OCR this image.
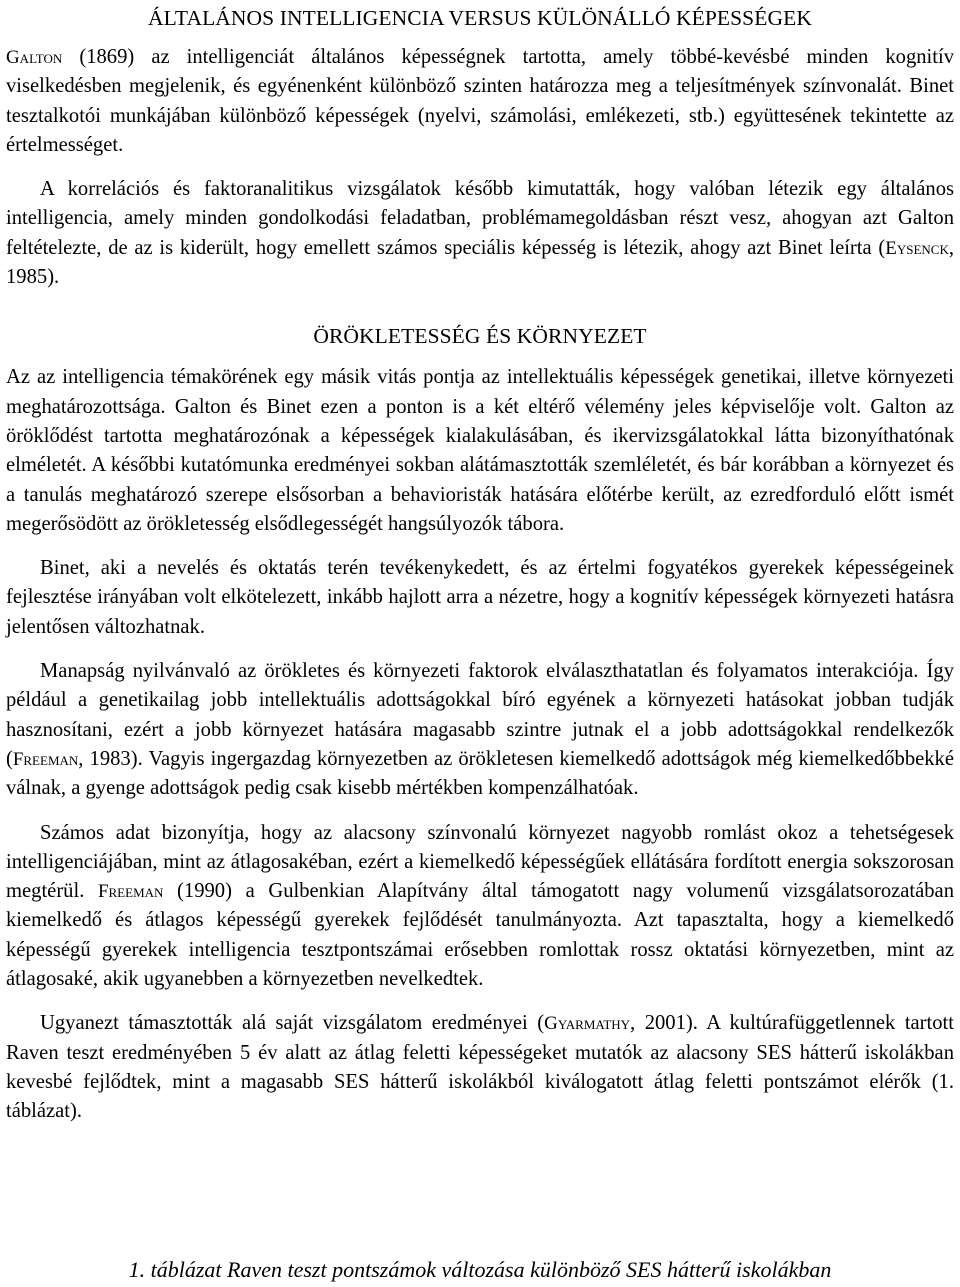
ÁLTALÁNOS INTELLIGENCIA VERSUS KÜLÖNÁLLÓ KÉPESSÉGEK

Galton (1869) az intelligenciát általános képességnek tartotta, amely többé-kevésbé minden kognitív viselkedésben megjelenik, és egyénenként különböző szinten határozza meg a teljesítmények színvonalát. Binet tesztalkotói munkájában különböző képességek (nyelvi, számolási, emlékezeti, stb.) együttesének tekintette az értelmességet.

A korrelációs és faktoranalitikus vizsgálatok később kimutatták, hogy valóban létezik egy általános intelligencia, amely minden gondolkodási feladatban, problémamegoldásban részt vesz, ahogyan azt Galton feltételezte, de az is kiderült, hogy emellett számos speciális képesség is létezik, ahogy azt Binet leírta (Eysenck, 1985).

ÖRÖKLETESSÉG ÉS KÖRNYEZET

Az az intelligencia témakörének egy másik vitás pontja az intellektuális képességek genetikai, illetve környezeti meghatározottsága. Galton és Binet ezen a ponton is a két eltérő vélemény jeles képviselője volt. Galton az öröklődést tartotta meghatározónak a képességek kialakulásában, és ikervizsgálatokkal látta bizonyíthatónak elméletét. A későbbi kutatómunka eredményei sokban alátámasztották szemléletét, és bár korábban a környezet és a tanulás meghatározó szerepe elsősorban a behavioristák hatására előtérbe került, az ezredforduló előtt ismét megerősödött az örökletesség elsődlegességét hangsúlyozók tábora.

Binet, aki a nevelés és oktatás terén tevékenykedett, és az értelmi fogyatékos gyerekek képességeinek fejlesztése irányában volt elkötelezett, inkább hajlott arra a nézetre, hogy a kognitív képességek környezeti hatásra jelentősen változhatnak.

Manapság nyilvánvaló az örökletes és környezeti faktorok elválaszthatatlan és folyamatos interakciója. Így például a genetikailag jobb intellektuális adottságokkal bíró egyének a környezeti hatásokat jobban tudják hasznosítani, ezért a jobb környezet hatására magasabb szintre jutnak el a jobb adottságokkal rendelkezők (Freeman, 1983). Vagyis ingergazdag környezetben az örökletesen kiemelkedő adottságok még kiemelkedőbbekké válnak, a gyenge adottságok pedig csak kisebb mértékben kompenzálhatóak.

Számos adat bizonyítja, hogy az alacsony színvonalú környezet nagyobb romlást okoz a tehetségesek intelligenciájában, mint az átlagosakéban, ezért a kiemelkedő képességűek ellátására fordított energia sokszorosan megtérül. Freeman (1990) a Gulbenkian Alapítvány által támogatott nagy volumenű vizsgálatsorozatában kiemelkedő és átlagos képességű gyerekek fejlődését tanulmányozta. Azt tapasztalta, hogy a kiemelkedő képességű gyerekek intelligencia tesztpontszámai erősebben romlottak rossz oktatási környezetben, mint az átlagosaké, akik ugyanebben a környezetben nevelkedtek.

Ugyanezt támasztották alá saját vizsgálatom eredményei (Gyarmathy, 2001). A kultúrafüggetlennek tartott Raven teszt eredményében 5 év alatt az átlag feletti képességeket mutatók az alacsony SES hátterű iskolákban kevesbé fejlődtek, mint a magasabb SES hátterű iskolákból kiválogatott átlag feletti pontszámot elérők (1. táblázat).

1. táblázat Raven teszt pontszámok változása különböző SES hátterű iskolákban
